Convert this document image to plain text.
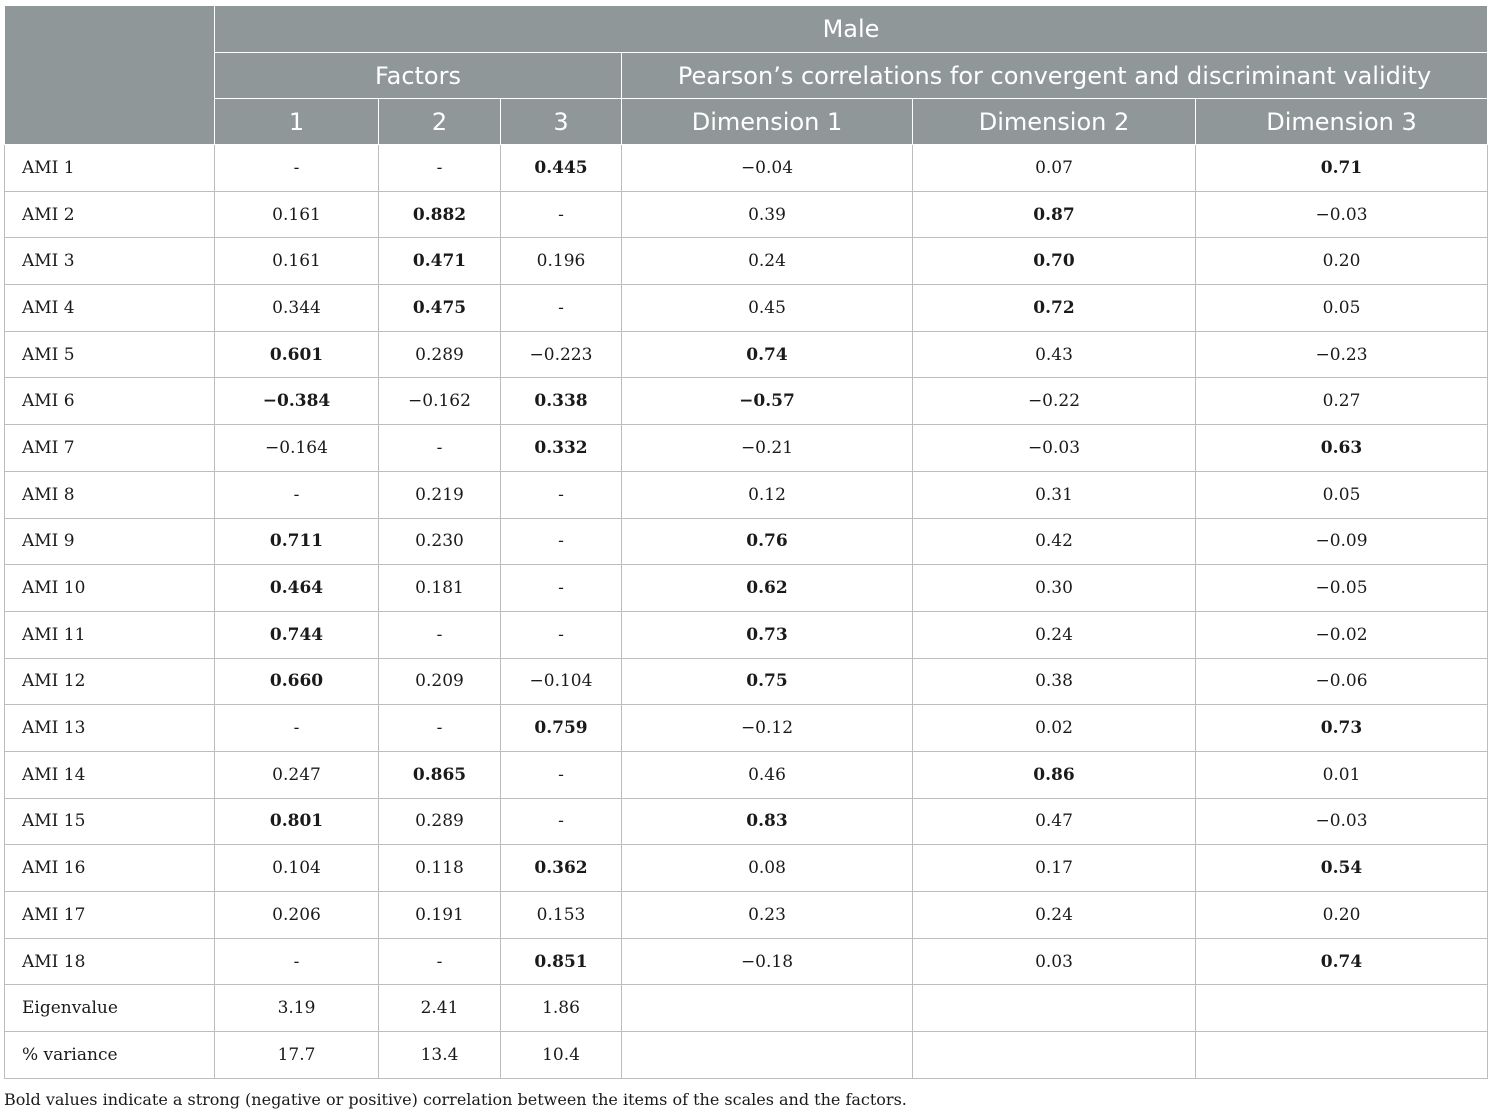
	Male					
	Factors			Pearson’s correlations for convergent and discriminant validity		
	1	2	3	Dimension 1	Dimension 2	Dimension 3
AMI 1	-	-	0.445	−0.04	0.07	0.71
AMI 2	0.161	0.882	-	0.39	0.87	−0.03
AMI 3	0.161	0.471	0.196	0.24	0.70	0.20
AMI 4	0.344	0.475	-	0.45	0.72	0.05
AMI 5	0.601	0.289	−0.223	0.74	0.43	−0.23
AMI 6	−0.384	−0.162	0.338	−0.57	−0.22	0.27
AMI 7	−0.164	-	0.332	−0.21	−0.03	0.63
AMI 8	-	0.219	-	0.12	0.31	0.05
AMI 9	0.711	0.230	-	0.76	0.42	−0.09
AMI 10	0.464	0.181	-	0.62	0.30	−0.05
AMI 11	0.744	-	-	0.73	0.24	−0.02
AMI 12	0.660	0.209	−0.104	0.75	0.38	−0.06
AMI 13	-	-	0.759	−0.12	0.02	0.73
AMI 14	0.247	0.865	-	0.46	0.86	0.01
AMI 15	0.801	0.289	-	0.83	0.47	−0.03
AMI 16	0.104	0.118	0.362	0.08	0.17	0.54
AMI 17	0.206	0.191	0.153	0.23	0.24	0.20
AMI 18	-	-	0.851	−0.18	0.03	0.74
Eigenvalue	3.19	2.41	1.86			
% variance	17.7	13.4	10.4			

Bold values indicate a strong (negative or positive) correlation between the items of the scales and the factors.
